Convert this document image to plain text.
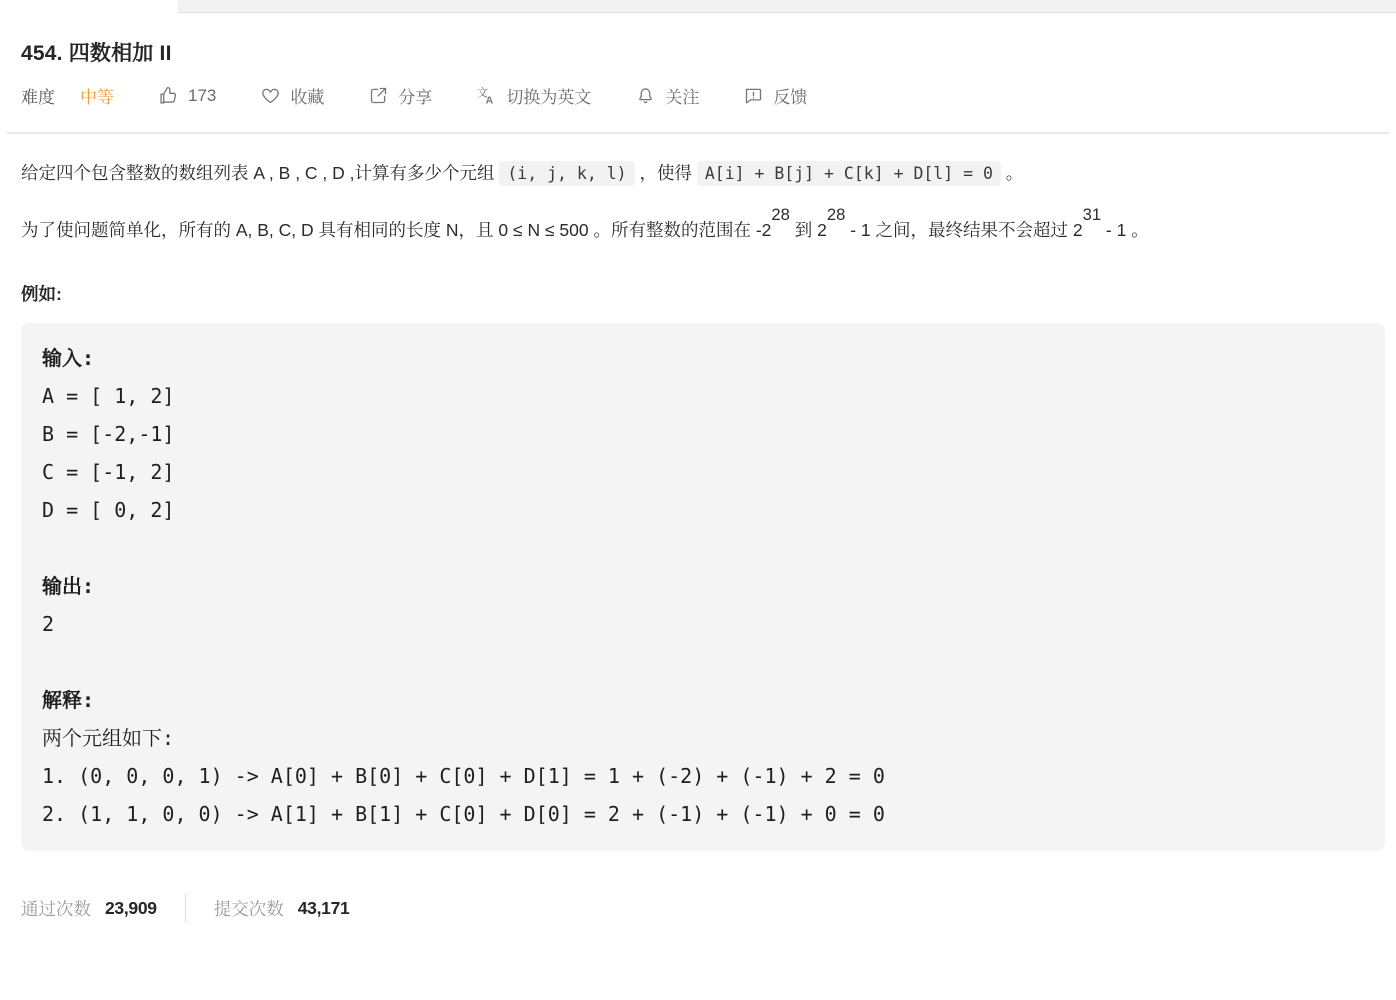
454. 四数相加 II
难度 中等	173	收藏	分享	文
A 切换为英文	关注	反馈

给定四个包含整数的数组列表 A , B , C , D ,计算有多少个元组 (i, j, k, l) ，使得 A[i] + B[j] + C[k] + D[l] = 0 。

为了使问题简单化，所有的 A, B, C, D 具有相同的长度 N，且 0 ≤ N ≤ 500 。所有整数的范围在 $-2^{28}$ 到 $2^{28} - 1$ 之间，最终结果不会超过 $2^{31} - 1$ 。

例如:

输入:
A = [ 1, 2]
B = [-2,-1]
C = [-1, 2]
D = [ 0, 2]

输出:
2

解释:
两个元组如下:
1. (0, 0, 0, 1) -> A[0] + B[0] + C[0] + D[1] = 1 + (-2) + (-1) + 2 = 0
2. (1, 1, 0, 0) -> A[1] + B[1] + C[0] + D[0] = 2 + (-1) + (-1) + 0 = 0
通过次数 23,909	提交次数 43,171
